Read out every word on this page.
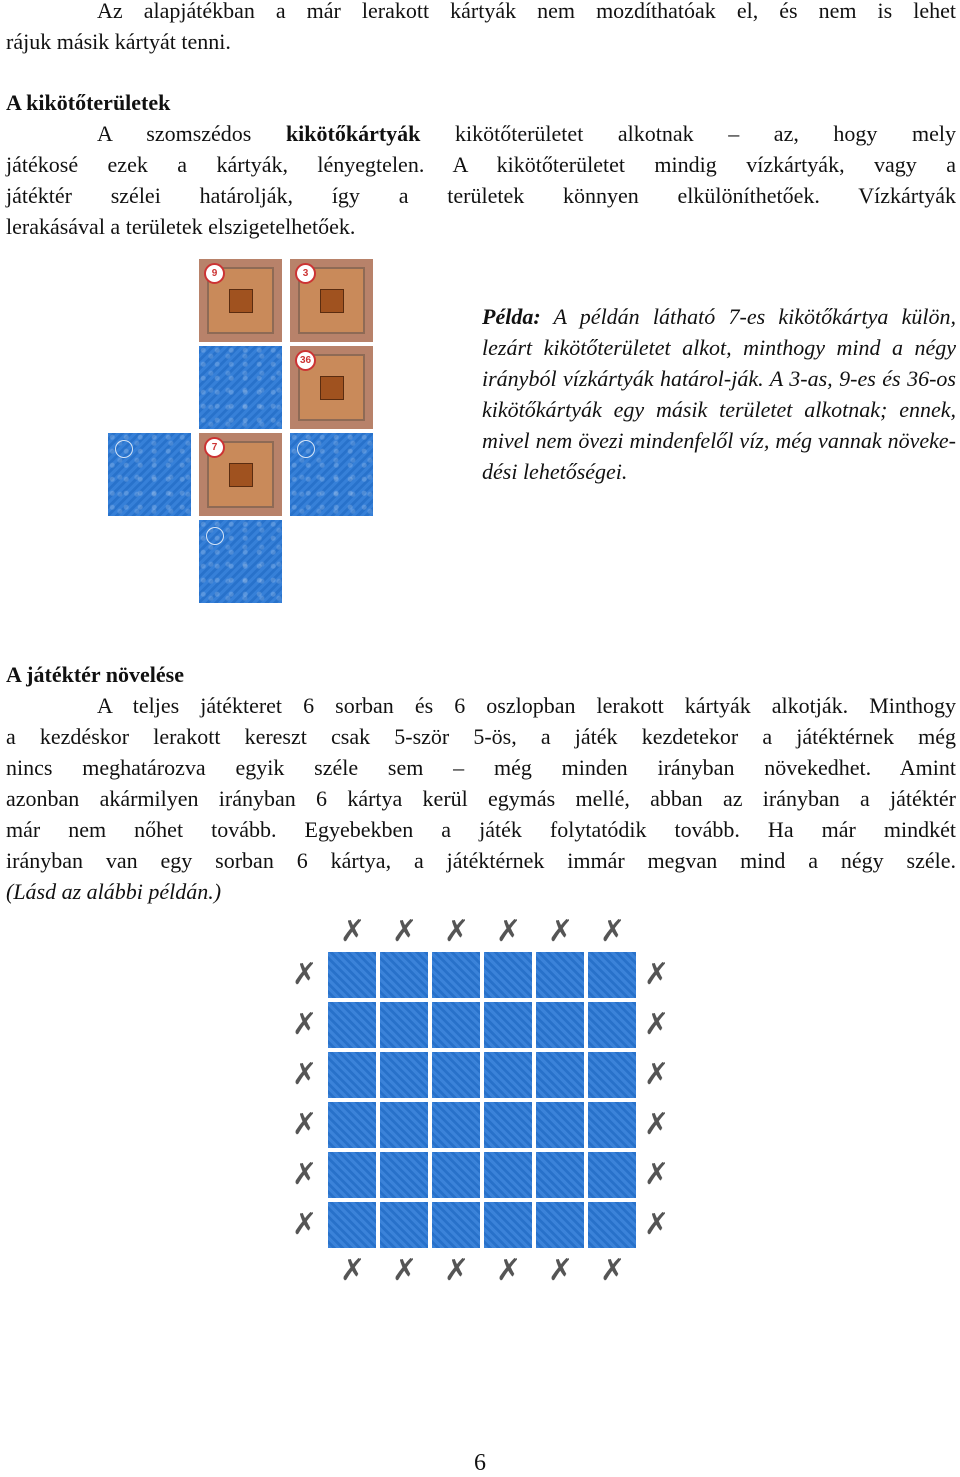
Az alapjátékban a már lerakott kártyák nem mozdíthatóak el, és nem is lehet
rájuk másik kártyát tenni.
A kikötőterületek
A szomszédos kikötőkártyák kikötőterületet alkotnak – az, hogy mely
játékosé ezek a kártyák, lényegtelen. A kikötőterületet mindig vízkártyák, vagy a
játéktér szélei határolják, így a területek könnyen elkülöníthetőek. Vízkártyák
lerakásával a területek elszigetelhetőek.
9	3
36
7
Példa: A példán látható 7-es kikötőkártya külön, lezárt kikötőterületet alkot, minthogy mind a négy irányból vízkártyák határol-ják. A 3-as, 9-es és 36-os kikötőkártyák egy másik területet alkotnak; ennek, mivel nem övezi mindenfelől víz, még vannak növeke-dési lehetőségei.
A játéktér növelése
A teljes játékteret 6 sorban és 6 oszlopban lerakott kártyák alkotják. Minthogy
a kezdéskor lerakott kereszt csak 5-ször 5-ös, a játék kezdetekor a játéktérnek még
nincs meghatározva egyik széle sem – még minden irányban növekedhet. Amint
azonban akármilyen irányban 6 kártya kerül egymás mellé, abban az irányban a játéktér
már nem nőhet tovább. Egyebekben a játék folytatódik tovább. Ha már mindkét
irányban van egy sorban 6 kártya, a játéktérnek immár megvan mind a négy széle.
(Lásd az alábbi példán.)
✗ ✗ ✗ ✗ ✗ ✗
✗ ✗ ✗ ✗ ✗ ✗
✗
✗
✗
✗
✗
✗
✗
✗
✗
✗
✗
✗
6
